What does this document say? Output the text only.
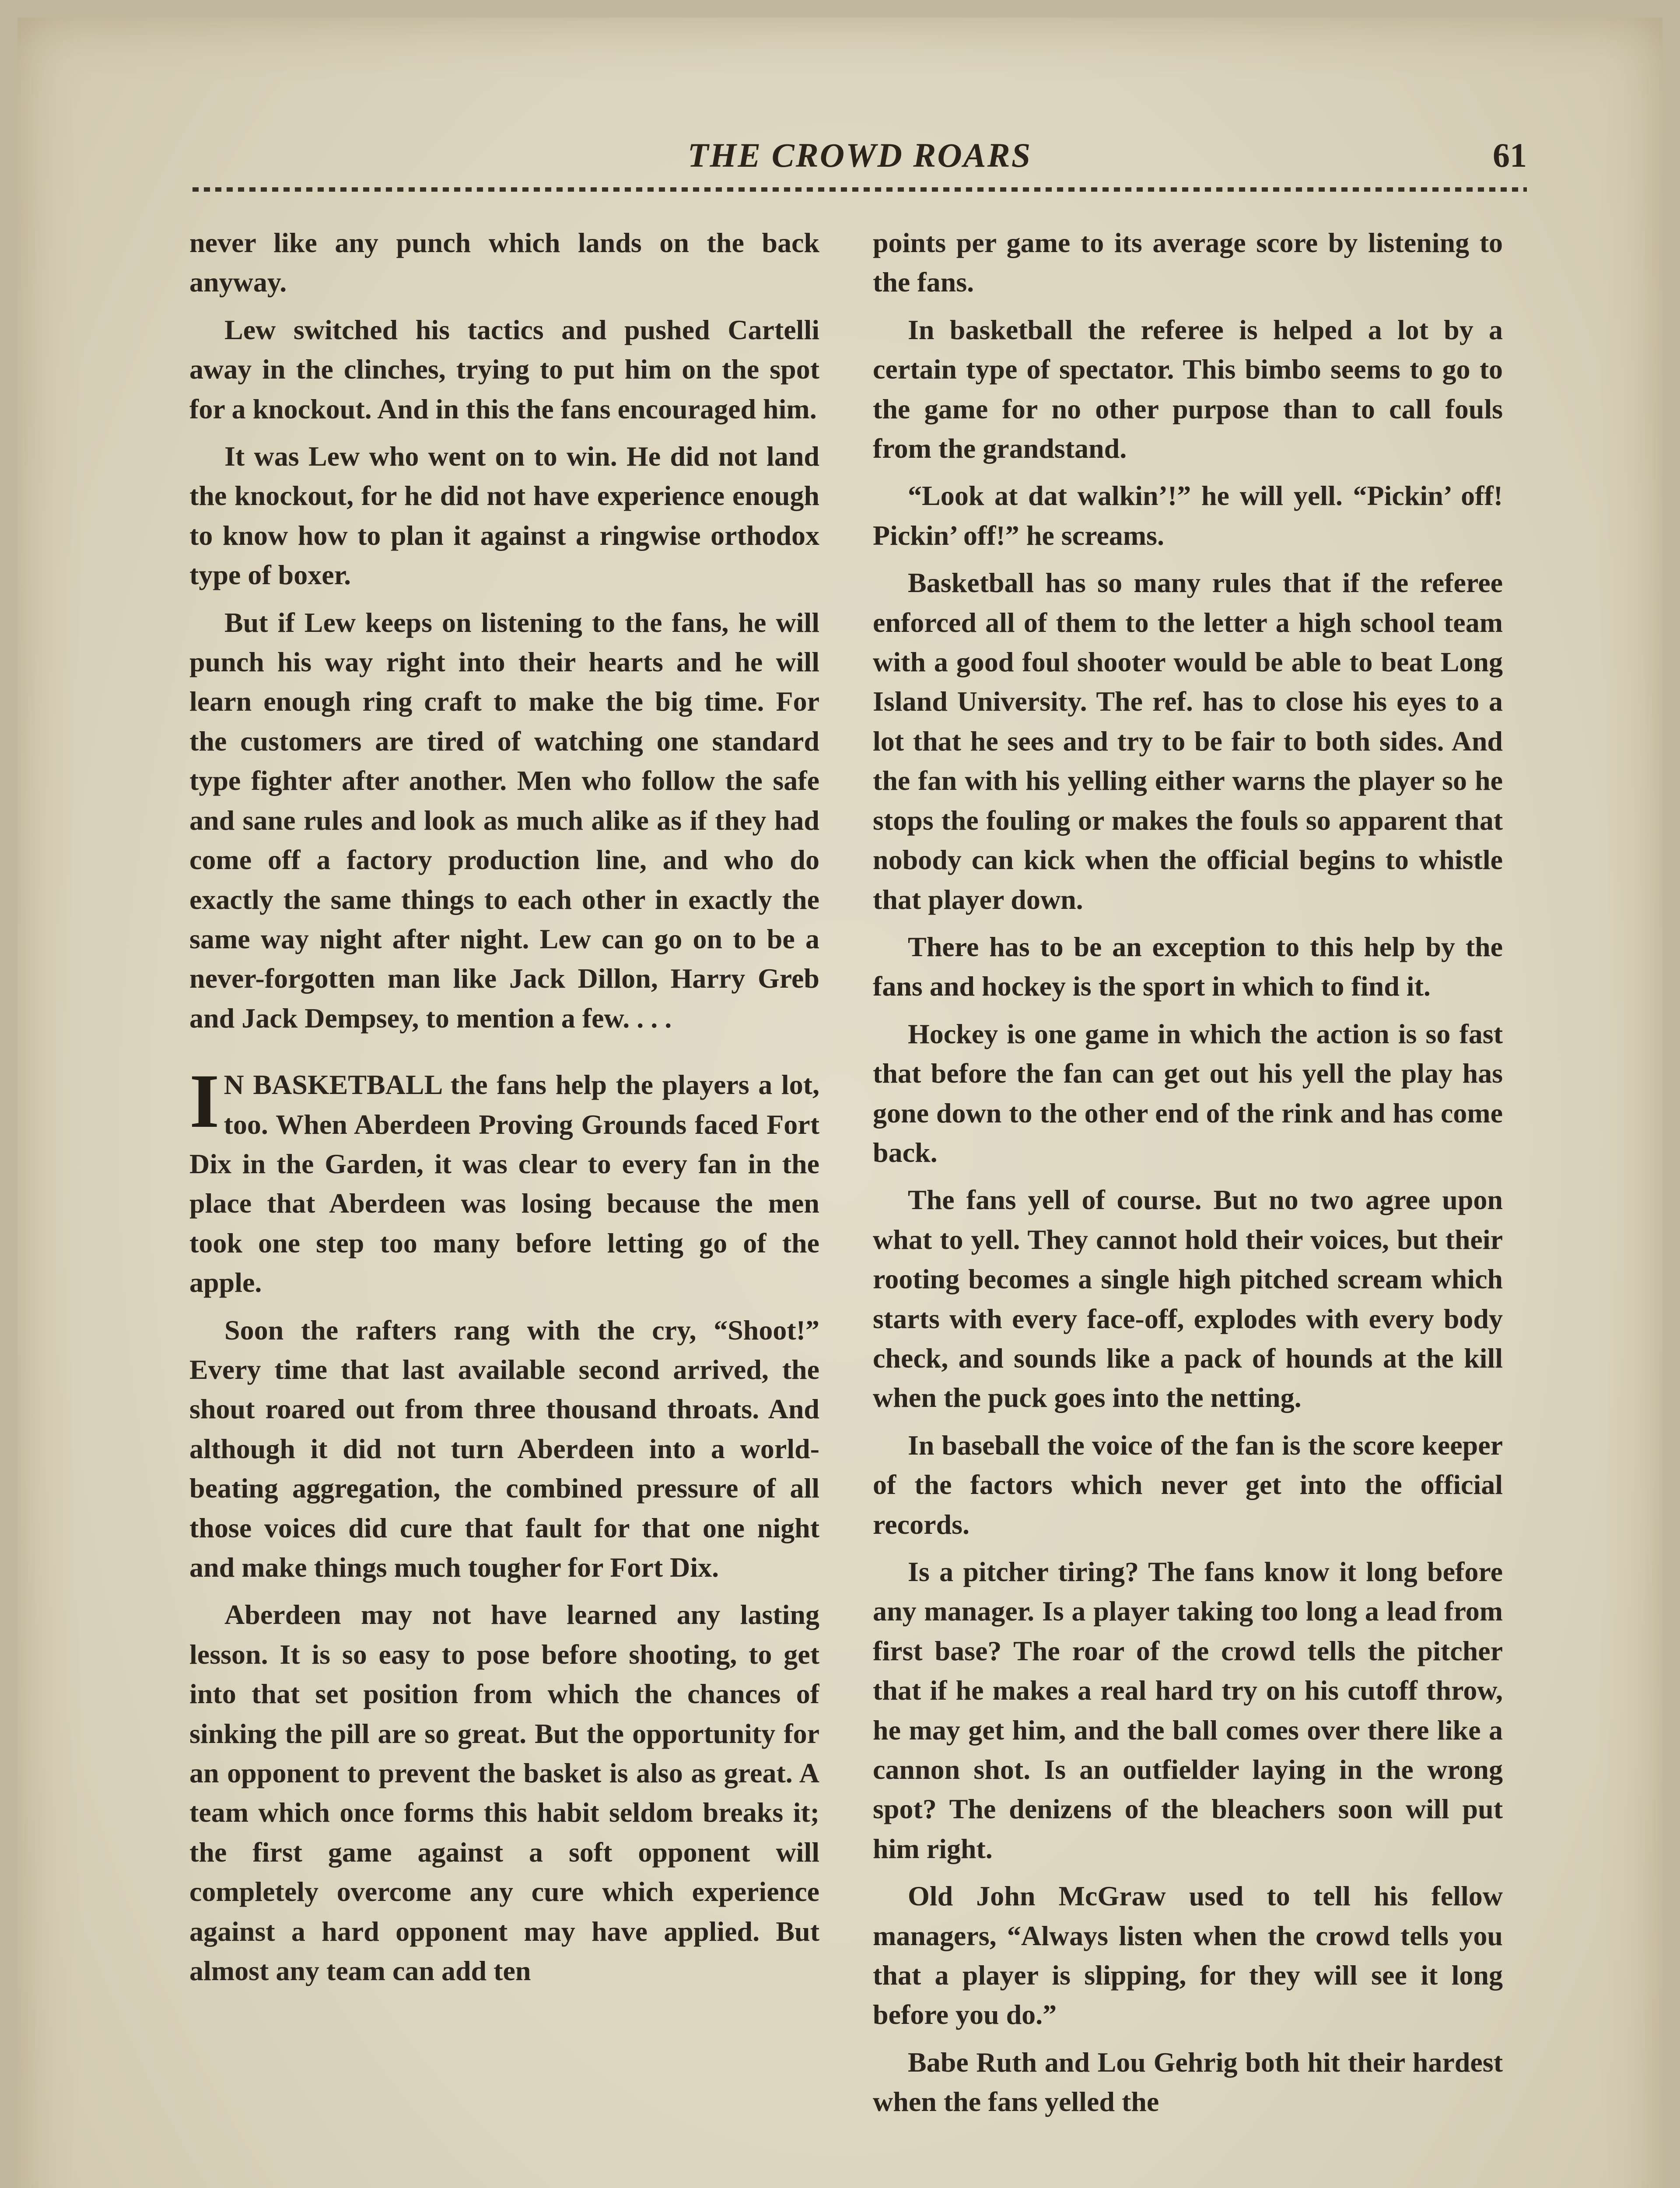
THE CROWD ROARS	61

never like any punch which lands on the back anyway.

Lew switched his tactics and pushed Cartelli away in the clinches, trying to put him on the spot for a knockout. And in this the fans encouraged him.

It was Lew who went on to win. He did not land the knockout, for he did not have experience enough to know how to plan it against a ringwise orthodox type of boxer.

But if Lew keeps on listening to the fans, he will punch his way right into their hearts and he will learn enough ring craft to make the big time. For the customers are tired of watching one standard type fighter after another. Men who follow the safe and sane rules and look as much alike as if they had come off a factory production line, and who do exactly the same things to each other in exactly the same way night after night. Lew can go on to be a never-forgotten man like Jack Dillon, Harry Greb and Jack Dempsey, to mention a few. . . .

I N BASKETBALL the fans help the players a lot, too. When Aberdeen Proving Grounds faced Fort Dix in the Garden, it was clear to every fan in the place that Aberdeen was losing because the men took one step too many before letting go of the apple.

Soon the rafters rang with the cry, “Shoot!” Every time that last available second arrived, the shout roared out from three thousand throats. And although it did not turn Aberdeen into a world-beating aggregation, the combined pressure of all those voices did cure that fault for that one night and make things much tougher for Fort Dix.

Aberdeen may not have learned any lasting lesson. It is so easy to pose before shooting, to get into that set position from which the chances of sinking the pill are so great. But the opportunity for an opponent to prevent the basket is also as great. A team which once forms this habit seldom breaks it; the first game against a soft opponent will completely overcome any cure which experience against a hard opponent may have applied. But almost any team can add ten

points per game to its average score by listening to the fans.

In basketball the referee is helped a lot by a certain type of spectator. This bimbo seems to go to the game for no other purpose than to call fouls from the grandstand.

“Look at dat walkin’!” he will yell. “Pickin’ off! Pickin’ off!” he screams.

Basketball has so many rules that if the referee enforced all of them to the letter a high school team with a good foul shooter would be able to beat Long Island University. The ref. has to close his eyes to a lot that he sees and try to be fair to both sides. And the fan with his yelling either warns the player so he stops the fouling or makes the fouls so apparent that nobody can kick when the official begins to whistle that player down.

There has to be an exception to this help by the fans and hockey is the sport in which to find it.

Hockey is one game in which the action is so fast that before the fan can get out his yell the play has gone down to the other end of the rink and has come back.

The fans yell of course. But no two agree upon what to yell. They cannot hold their voices, but their rooting becomes a single high pitched scream which starts with every face-off, explodes with every body check, and sounds like a pack of hounds at the kill when the puck goes into the netting.

In baseball the voice of the fan is the score keeper of the factors which never get into the official records.

Is a pitcher tiring? The fans know it long before any manager. Is a player taking too long a lead from first base? The roar of the crowd tells the pitcher that if he makes a real hard try on his cutoff throw, he may get him, and the ball comes over there like a cannon shot. Is an outfielder laying in the wrong spot? The denizens of the bleachers soon will put him right.

Old John McGraw used to tell his fellow managers, “Always listen when the crowd tells you that a player is slipping, for they will see it long before you do.”

Babe Ruth and Lou Gehrig both hit their hardest when the fans yelled the
